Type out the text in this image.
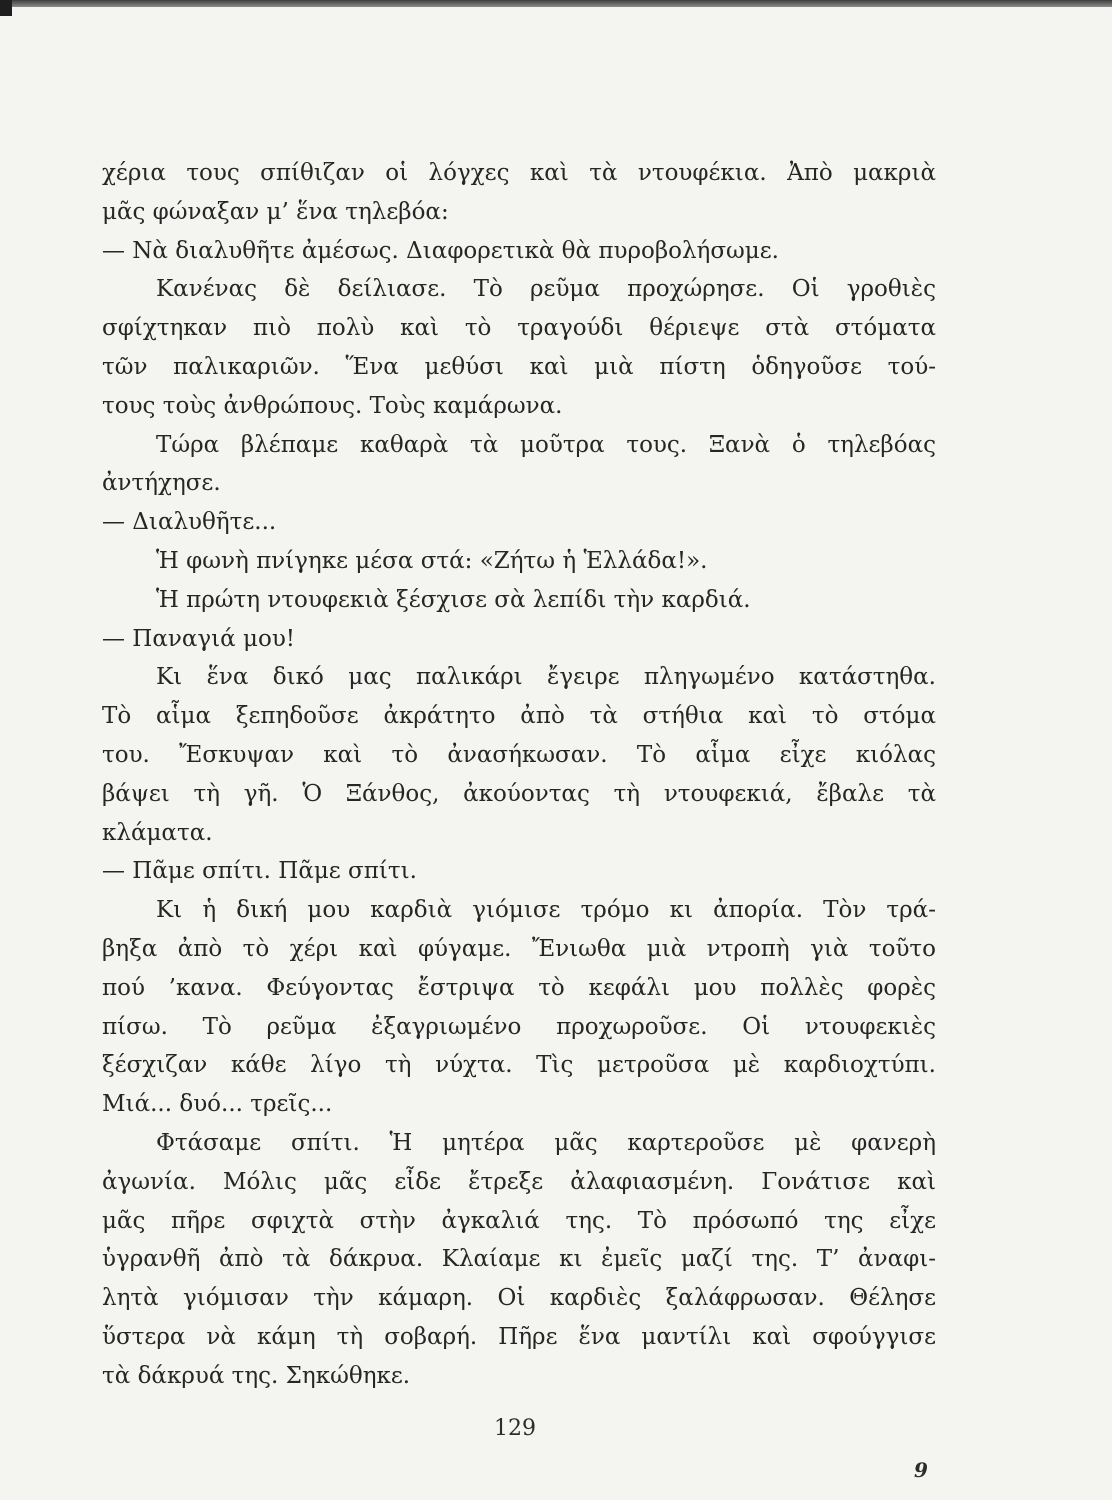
χέρια τους σπίθιζαν οἱ λόγχες καὶ τὰ ντουφέκια. Ἀπὸ μακριὰ
μᾶς φώναξαν μ’ ἕνα τηλεβόα:
— Νὰ διαλυθῆτε ἀμέσως. Διαφορετικὰ θὰ πυροβολήσωμε.
Κανένας δὲ δείλιασε. Τὸ ρεῦμα προχώρησε. Οἱ γροθιὲς
σφίχτηκαν πιὸ πολὺ καὶ τὸ τραγούδι θέριεψε στὰ στόματα
τῶν παλικαριῶν. Ἕνα μεθύσι καὶ μιὰ πίστη ὁδηγοῦσε τού-
τους τοὺς ἀνθρώπους. Τοὺς καμάρωνα.
Τώρα βλέπαμε καθαρὰ τὰ μοῦτρα τους. Ξανὰ ὁ τηλεβόας
ἀντήχησε.
— Διαλυθῆτε...
Ἡ φωνὴ πνίγηκε μέσα στά: «Ζήτω ἡ Ἑλλάδα!».
Ἡ πρώτη ντουφεκιὰ ξέσχισε σὰ λεπίδι τὴν καρδιά.
— Παναγιά μου!
Κι ἕνα δικό μας παλικάρι ἔγειρε πληγωμένο κατάστηθα.
Τὸ αἷμα ξεπηδοῦσε ἀκράτητο ἀπὸ τὰ στήθια καὶ τὸ στόμα
του. Ἔσκυψαν καὶ τὸ ἀνασήκωσαν. Τὸ αἷμα εἶχε κιόλας
βάψει τὴ γῆ. Ὁ Ξάνθος, ἀκούοντας τὴ ντουφεκιά, ἔβαλε τὰ
κλάματα.
— Πᾶμε σπίτι. Πᾶμε σπίτι.
Κι ἡ δική μου καρδιὰ γιόμισε τρόμο κι ἀπορία. Τὸν τρά-
βηξα ἀπὸ τὸ χέρι καὶ φύγαμε. Ἔνιωθα μιὰ ντροπὴ γιὰ τοῦτο
πού ’κανα. Φεύγοντας ἔστριψα τὸ κεφάλι μου πολλὲς φορὲς
πίσω. Τὸ ρεῦμα ἐξαγριωμένο προχωροῦσε. Οἱ ντουφεκιὲς
ξέσχιζαν κάθε λίγο τὴ νύχτα. Τὶς μετροῦσα μὲ καρδιοχτύπι.
Μιά... δυό... τρεῖς...
Φτάσαμε σπίτι. Ἡ μητέρα μᾶς καρτεροῦσε μὲ φανερὴ
ἀγωνία. Μόλις μᾶς εἶδε ἔτρεξε ἀλαφιασμένη. Γονάτισε καὶ
μᾶς πῆρε σφιχτὰ στὴν ἀγκαλιά της. Τὸ πρόσωπό της εἶχε
ὑγρανθῆ ἀπὸ τὰ δάκρυα. Κλαίαμε κι ἐμεῖς μαζί της. Τ’ ἀναφι-
λητὰ γιόμισαν τὴν κάμαρη. Οἱ καρδιὲς ξαλάφρωσαν. Θέλησε
ὕστερα νὰ κάμη τὴ σοβαρή. Πῆρε ἕνα μαντίλι καὶ σφούγγισε
τὰ δάκρυά της. Σηκώθηκε.
129
9
